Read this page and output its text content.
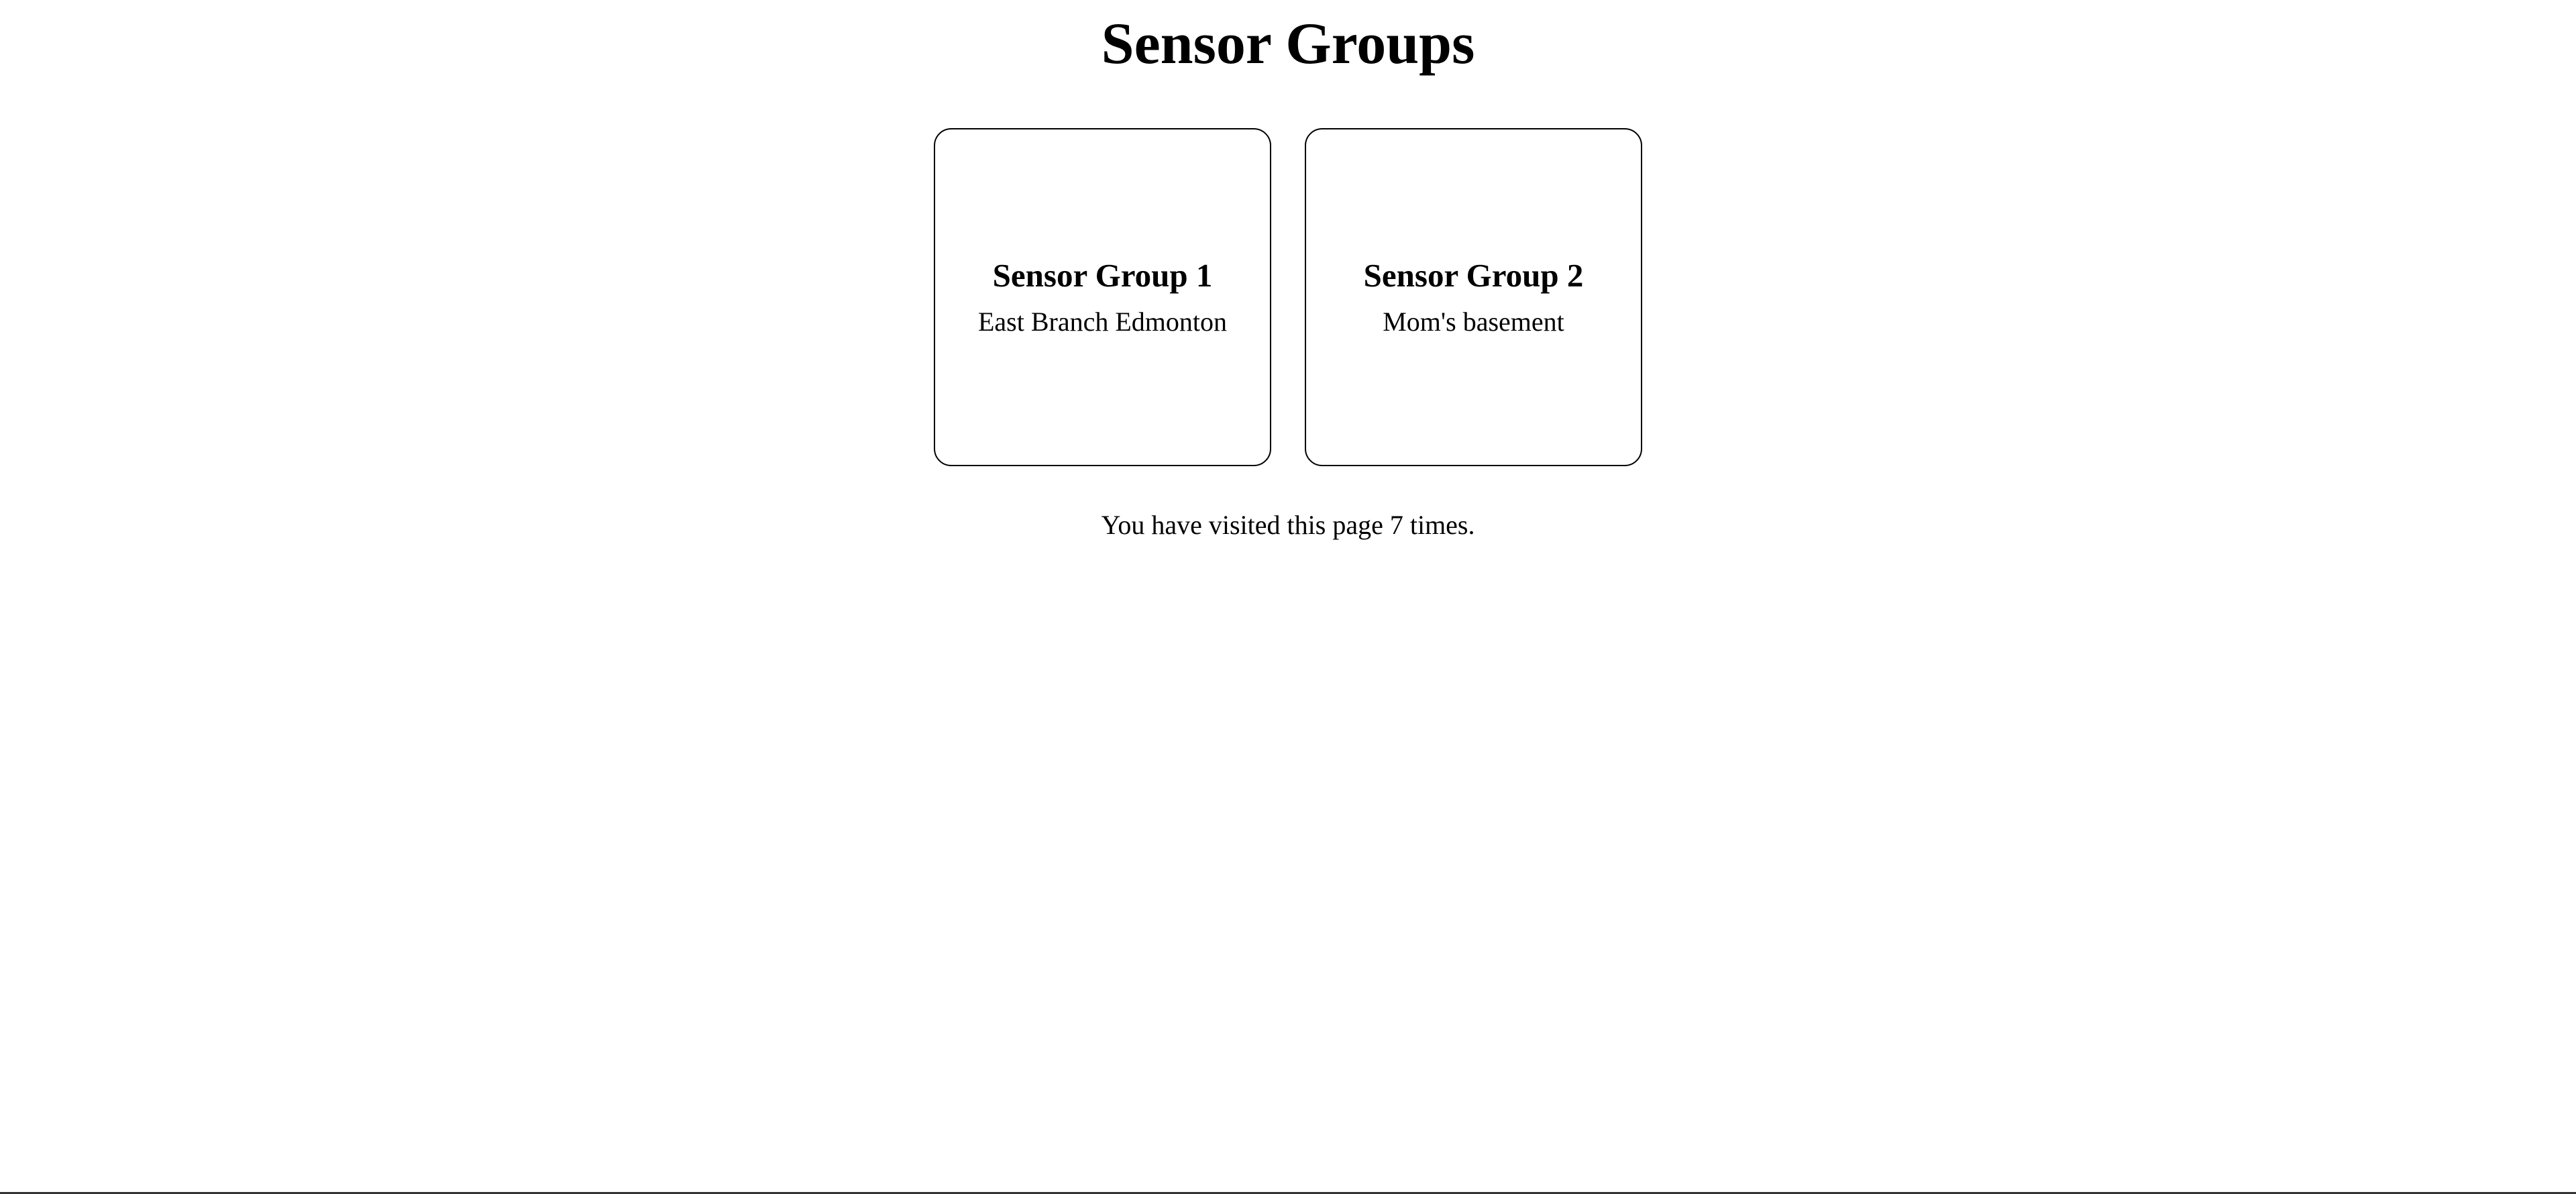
Sensor Groups
Sensor Group 1
East Branch Edmonton
Sensor Group 2
Mom's basement

You have visited this page 7 times.
